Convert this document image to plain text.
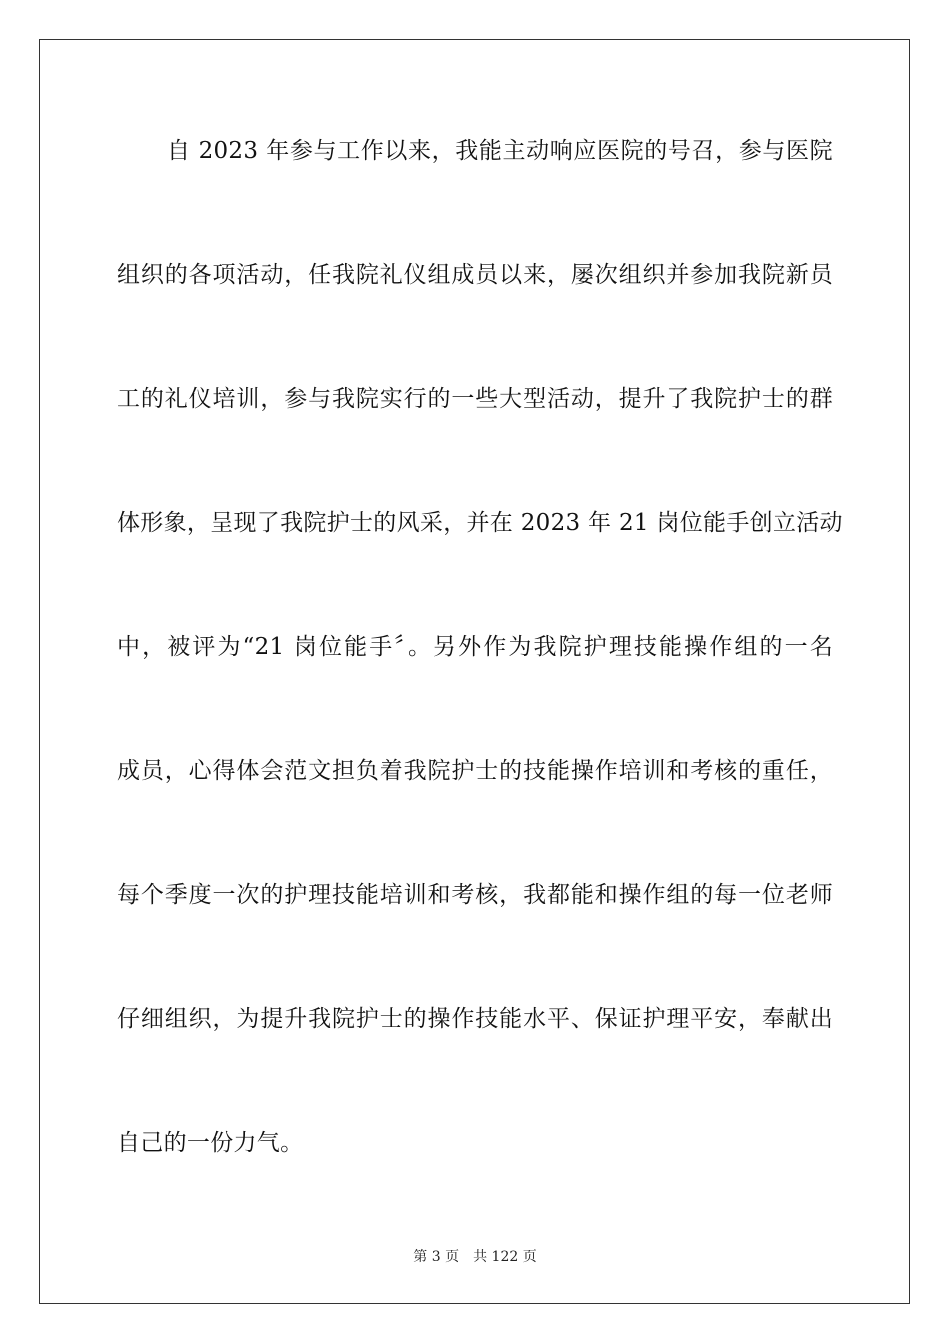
自 2023 年参与工作以来，我能主动响应医院的号召，参与医院
组织的各项活动，任我院礼仪组成员以来，屡次组织并参加我院新员
工的礼仪培训，参与我院实行的一些大型活动，提升了我院护士的群
体形象，呈现了我院护士的风采，并在 2023 年 21 岗位能手创立活动
中，被评为“21 岗位能手〞。另外作为我院护理技能操作组的一名
成员，心得体会范文担负着我院护士的技能操作培训和考核的重任，
每个季度一次的护理技能培训和考核，我都能和操作组的每一位老师
仔细组织，为提升我院护士的操作技能水平、保证护理平安，奉献出
自己的一份力气。
第 3 页 共 122 页
